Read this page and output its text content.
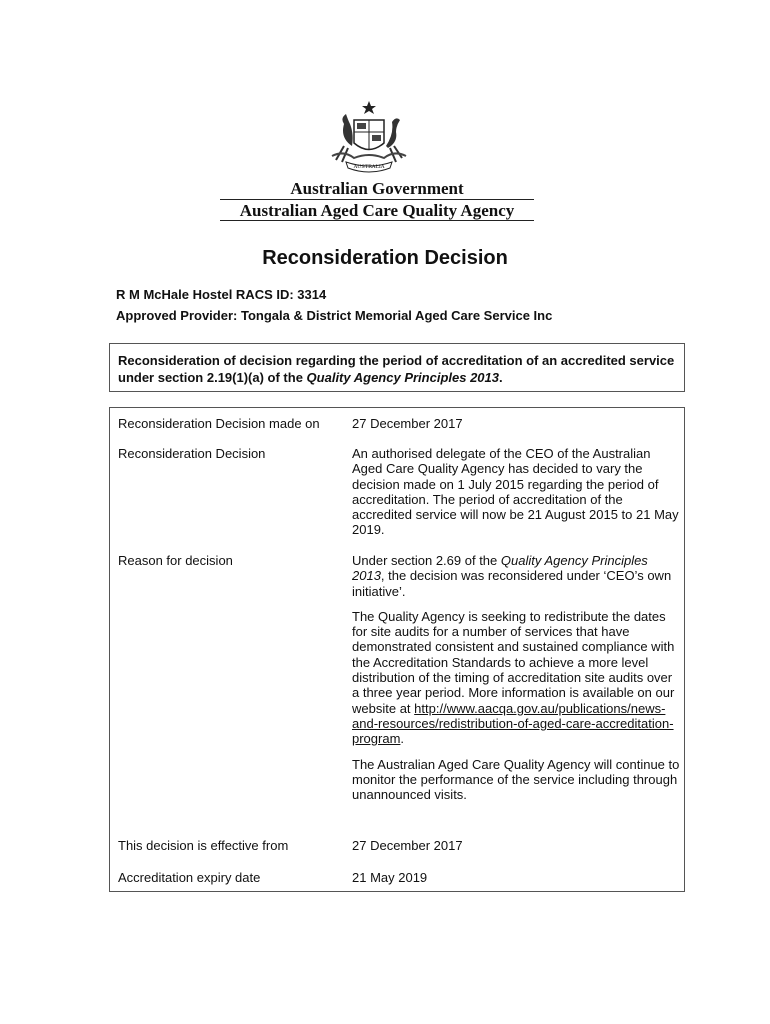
AUSTRALIA
Australian Government
Australian Aged Care Quality Agency
Reconsideration Decision
R M McHale Hostel RACS ID: 3314
Approved Provider: Tongala & District Memorial Aged Care Service Inc
Reconsideration of decision regarding the period of accreditation of an accredited service under section 2.19(1)(a) of the Quality Agency Principles 2013.
Reconsideration Decision made on	27 December 2017
Reconsideration Decision	An authorised delegate of the CEO of the Australian Aged Care Quality Agency has decided to vary the decision made on 1 July 2015 regarding the period of accreditation. The period of accreditation of the accredited service will now be 21 August 2015 to 21 May 2019.
Reason for decision	Under section 2.69 of the Quality Agency Principles 2013, the decision was reconsidered under ‘CEO’s own initiative’.

The Quality Agency is seeking to redistribute the dates for site audits for a number of services that have demonstrated consistent and sustained compliance with the Accreditation Standards to achieve a more level distribution of the timing of accreditation site audits over a three year period. More information is available on our website at http://www.aacqa.gov.au/publications/news-and-resources/redistribution-of-aged-care-accreditation-program.

The Australian Aged Care Quality Agency will continue to monitor the performance of the service including through unannounced visits.

This decision is effective from	27 December 2017
Accreditation expiry date	21 May 2019
